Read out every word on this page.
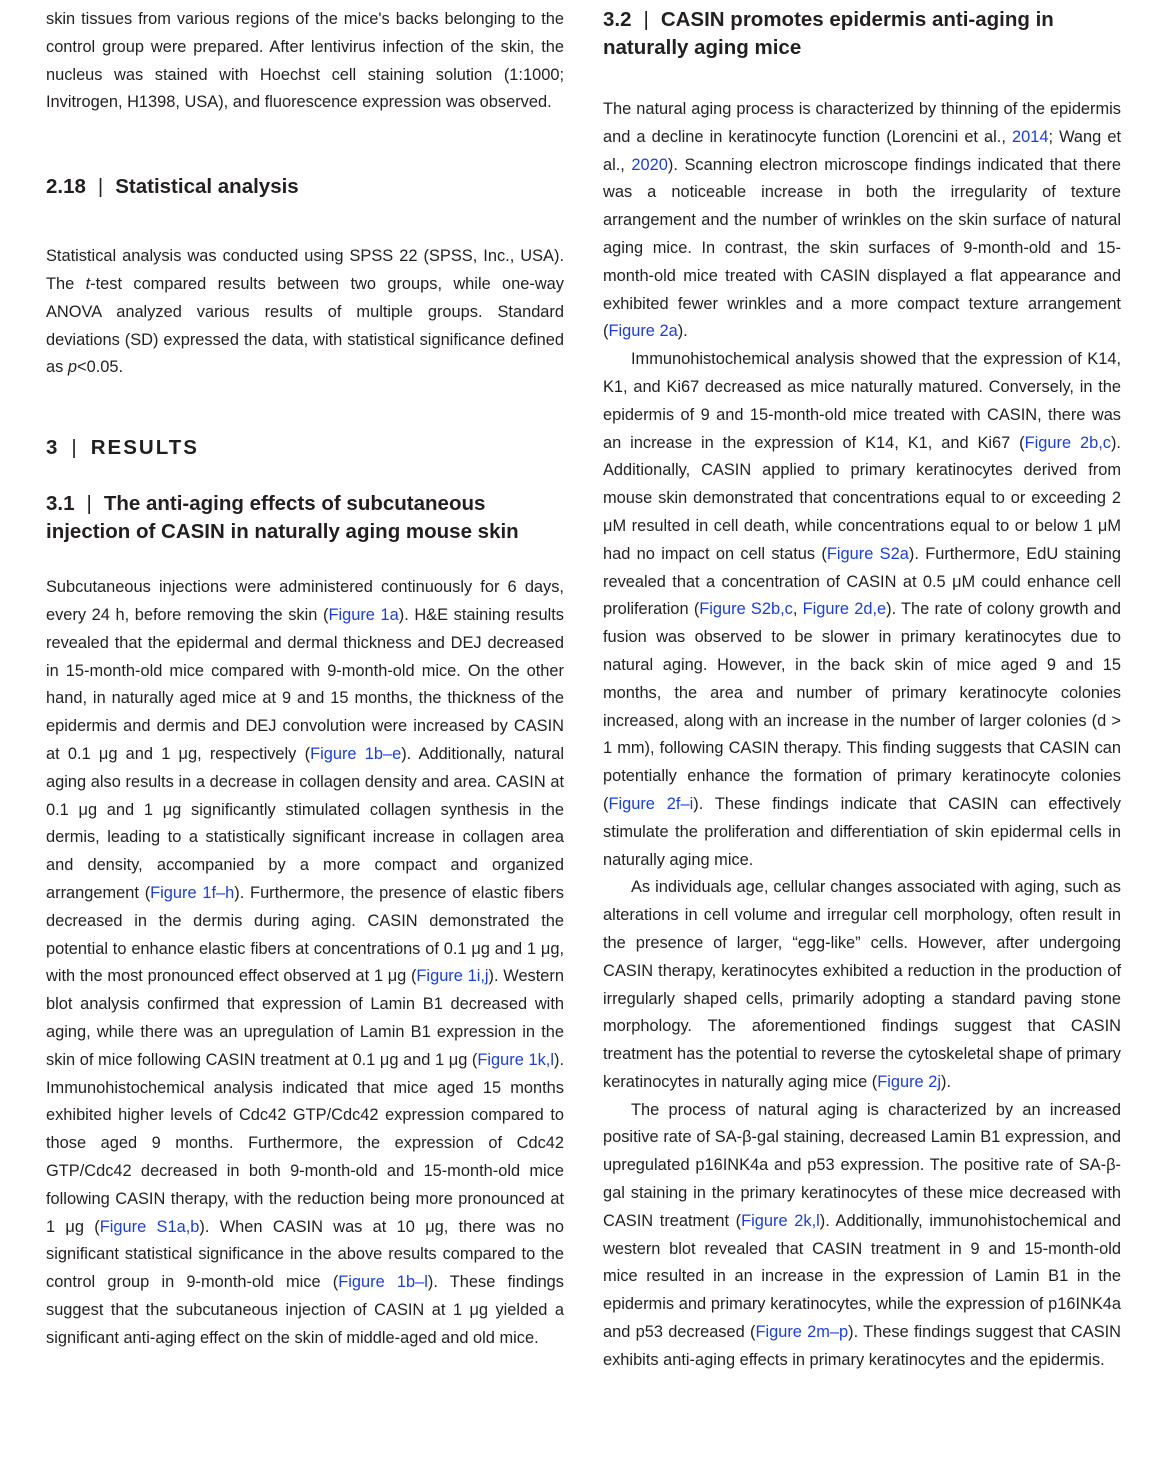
skin tissues from various regions of the mice's backs belonging to the control group were prepared. After lentivirus infection of the skin, the nucleus was stained with Hoechst cell staining solution (1:1000; Invitrogen, H1398, USA), and fluorescence expression was observed.

2.18 | Statistical analysis

Statistical analysis was conducted using SPSS 22 (SPSS, Inc., USA). The t-test compared results between two groups, while one-way ANOVA analyzed various results of multiple groups. Standard deviations (SD) expressed the data, with statistical significance defined as p<0.05.

3 | RESULTS
3.1 | The anti-aging effects of subcutaneous injection of CASIN in naturally aging mouse skin

Subcutaneous injections were administered continuously for 6 days, every 24 h, before removing the skin (Figure 1a). H&E staining results revealed that the epidermal and dermal thickness and DEJ decreased in 15-month-old mice compared with 9-month-old mice. On the other hand, in naturally aged mice at 9 and 15 months, the thickness of the epidermis and dermis and DEJ convolution were increased by CASIN at 0.1 μg and 1 μg, respectively (Figure 1b–e). Additionally, natural aging also results in a decrease in collagen density and area. CASIN at 0.1 μg and 1 μg significantly stimulated collagen synthesis in the dermis, leading to a statistically significant increase in collagen area and density, accompanied by a more compact and organized arrangement (Figure 1f–h). Furthermore, the presence of elastic fibers decreased in the dermis during aging. CASIN demonstrated the potential to enhance elastic fibers at concentrations of 0.1 μg and 1 μg, with the most pronounced effect observed at 1 μg (Figure 1i,j). Western blot analysis confirmed that expression of Lamin B1 decreased with aging, while there was an upregulation of Lamin B1 expression in the skin of mice following CASIN treatment at 0.1 μg and 1 μg (Figure 1k,l). Immunohistochemical analysis indicated that mice aged 15 months exhibited higher levels of Cdc42 GTP/Cdc42 expression compared to those aged 9 months. Furthermore, the expression of Cdc42 GTP/Cdc42 decreased in both 9-month-old and 15-month-old mice following CASIN therapy, with the reduction being more pronounced at 1 μg (Figure S1a,b). When CASIN was at 10 μg, there was no significant statistical significance in the above results compared to the control group in 9-month-old mice (Figure 1b–l). These findings suggest that the subcutaneous injection of CASIN at 1 μg yielded a significant anti-aging effect on the skin of middle-aged and old mice.

3.2 | CASIN promotes epidermis anti-aging in naturally aging mice

The natural aging process is characterized by thinning of the epidermis and a decline in keratinocyte function (Lorencini et al., 2014; Wang et al., 2020). Scanning electron microscope findings indicated that there was a noticeable increase in both the irregularity of texture arrangement and the number of wrinkles on the skin surface of natural aging mice. In contrast, the skin surfaces of 9-month-old and 15-month-old mice treated with CASIN displayed a flat appearance and exhibited fewer wrinkles and a more compact texture arrangement (Figure 2a).

Immunohistochemical analysis showed that the expression of K14, K1, and Ki67 decreased as mice naturally matured. Conversely, in the epidermis of 9 and 15-month-old mice treated with CASIN, there was an increase in the expression of K14, K1, and Ki67 (Figure 2b,c). Additionally, CASIN applied to primary keratinocytes derived from mouse skin demonstrated that concentrations equal to or exceeding 2 μM resulted in cell death, while concentrations equal to or below 1 μM had no impact on cell status (Figure S2a). Furthermore, EdU staining revealed that a concentration of CASIN at 0.5 μM could enhance cell proliferation (Figure S2b,c, Figure 2d,e). The rate of colony growth and fusion was observed to be slower in primary keratinocytes due to natural aging. However, in the back skin of mice aged 9 and 15 months, the area and number of primary keratinocyte colonies increased, along with an increase in the number of larger colonies (d > 1 mm), following CASIN therapy. This finding suggests that CASIN can potentially enhance the formation of primary keratinocyte colonies (Figure 2f–i). These findings indicate that CASIN can effectively stimulate the proliferation and differentiation of skin epidermal cells in naturally aging mice.

As individuals age, cellular changes associated with aging, such as alterations in cell volume and irregular cell morphology, often result in the presence of larger, “egg-like” cells. However, after undergoing CASIN therapy, keratinocytes exhibited a reduction in the production of irregularly shaped cells, primarily adopting a standard paving stone morphology. The aforementioned findings suggest that CASIN treatment has the potential to reverse the cytoskeletal shape of primary keratinocytes in naturally aging mice (Figure 2j).

The process of natural aging is characterized by an increased positive rate of SA-β-gal staining, decreased Lamin B1 expression, and upregulated p16INK4a and p53 expression. The positive rate of SA-β-gal staining in the primary keratinocytes of these mice decreased with CASIN treatment (Figure 2k,l). Additionally, immunohistochemical and western blot revealed that CASIN treatment in 9 and 15-month-old mice resulted in an increase in the expression of Lamin B1 in the epidermis and primary keratinocytes, while the expression of p16INK4a and p53 decreased (Figure 2m–p). These findings suggest that CASIN exhibits anti-aging effects in primary keratinocytes and the epidermis.
